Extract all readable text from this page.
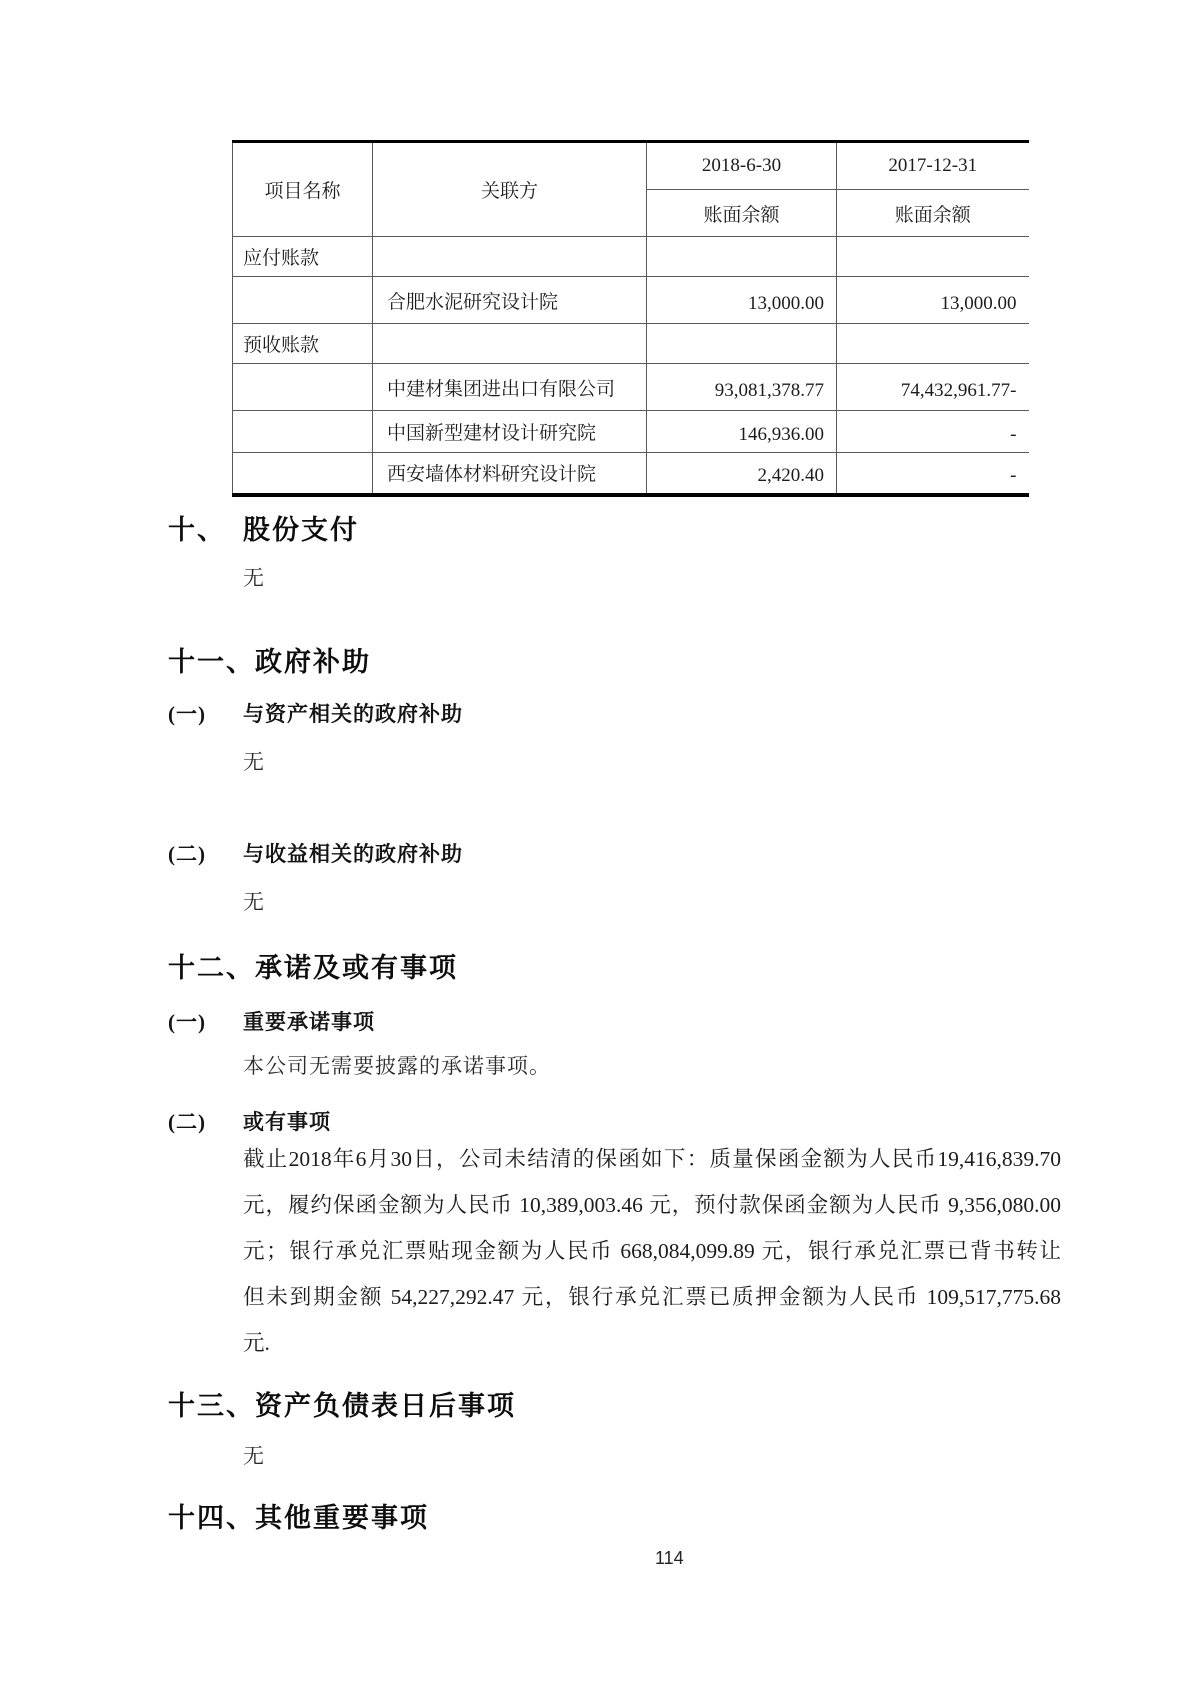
项目名称	关联方	2018-6-30	2017-12-31
		账面余额	账面余额
应付账款			
	合肥水泥研究设计院	13,000.00	13,000.00
预收账款			
	中建材集团进出口有限公司	93,081,378.77	74,432,961.77-
	中国新型建材设计研究院	146,936.00	-
	西安墙体材料研究设计院	2,420.40	-
十、 股份支付
无
十一、 政府补助
(一)	与资产相关的政府补助
无
(二)	与收益相关的政府补助
无
十二、 承诺及或有事项
(一)	重要承诺事项
本公司无需要披露的承诺事项。
(二)	或有事项
截止2018年6月30日，公司未结清的保函如下：质量保函金额为人民币19,416,839.70
元，履约保函金额为人民币 10,389,003.46 元，预付款保函金额为人民币 9,356,080.00
元；银行承兑汇票贴现金额为人民币 668,084,099.89 元，银行承兑汇票已背书转让
但未到期金额 54,227,292.47 元，银行承兑汇票已质押金额为人民币 109,517,775.68
元.
十三、 资产负债表日后事项
无
十四、 其他重要事项
114
